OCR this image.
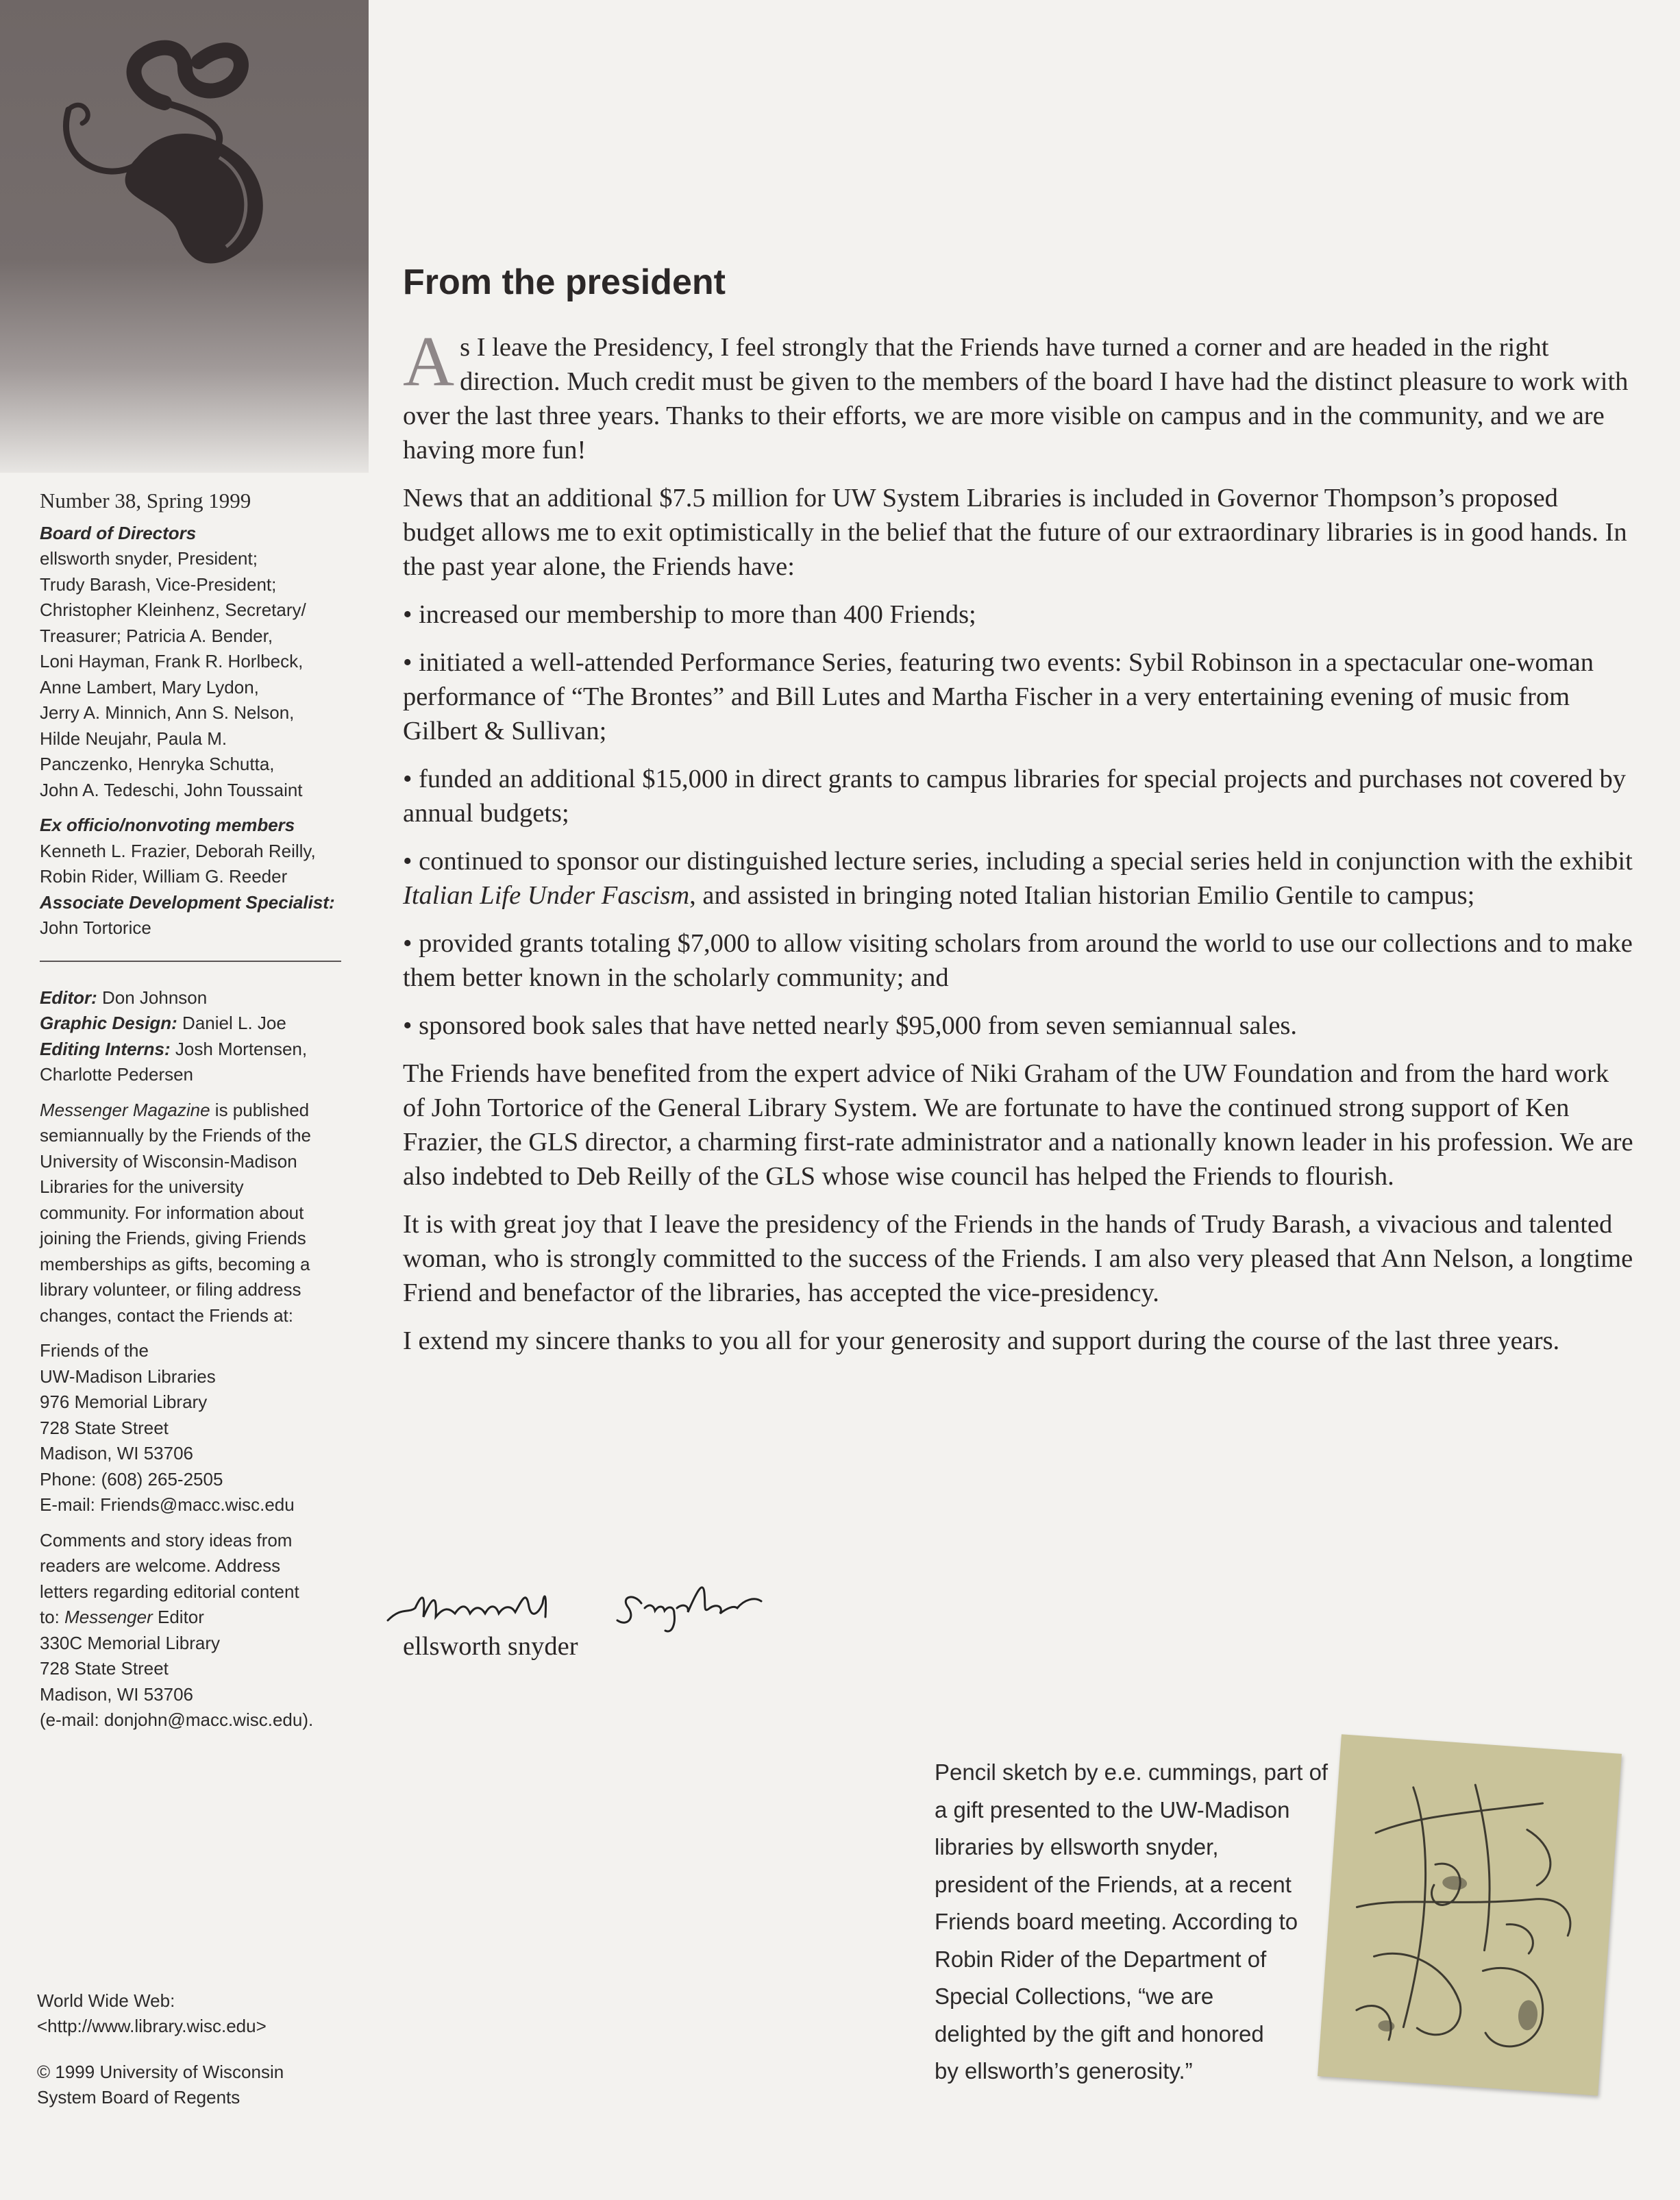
Number 38, Spring 1999
Board of Directors
ellsworth snyder, President;
Trudy Barash, Vice-President;
Christopher Kleinhenz, Secretary/
Treasurer; Patricia A. Bender,
Loni Hayman, Frank R. Horlbeck,
Anne Lambert, Mary Lydon,
Jerry A. Minnich, Ann S. Nelson,
Hilde Neujahr, Paula M.
Panczenko, Henryka Schutta,
John A. Tedeschi, John Toussaint
Ex officio/nonvoting members
Kenneth L. Frazier, Deborah Reilly,
Robin Rider, William G. Reeder
Associate Development Specialist:
John Tortorice
Editor: Don Johnson
Graphic Design: Daniel L. Joe
Editing Interns: Josh Mortensen,
Charlotte Pedersen
Messenger Magazine is published
semiannually by the Friends of the
University of Wisconsin-Madison
Libraries for the university
community. For information about
joining the Friends, giving Friends
memberships as gifts, becoming a
library volunteer, or filing address
changes, contact the Friends at:
Friends of the
UW-Madison Libraries
976 Memorial Library
728 State Street
Madison, WI 53706
Phone: (608) 265-2505
E-mail: Friends@macc.wisc.edu
Comments and story ideas from
readers are welcome. Address
letters regarding editorial content
to: Messenger Editor
330C Memorial Library
728 State Street
Madison, WI 53706
(e-mail: donjohn@macc.wisc.edu).
World Wide Web:
<http://www.library.wisc.edu>
© 1999 University of Wisconsin
System Board of Regents
From the president

As I leave the Presidency, I feel strongly that the Friends have turned a corner and are headed in the right direction. Much credit must be given to the members of the board I have had the distinct pleasure to work with over the last three years. Thanks to their efforts, we are more visible on campus and in the community, and we are having more fun!

News that an additional $7.5 million for UW System Libraries is included in Governor Thompson’s proposed budget allows me to exit optimistically in the belief that the future of our extraordinary libraries is in good hands. In the past year alone, the Friends have:

• increased our membership to more than 400 Friends;

• initiated a well-attended Performance Series, featuring two events: Sybil Robinson in a spectacular one-woman performance of “The Brontes” and Bill Lutes and Martha Fischer in a very entertaining evening of music from Gilbert & Sullivan;

• funded an additional $15,000 in direct grants to campus libraries for special projects and purchases not covered by annual budgets;

• continued to sponsor our distinguished lecture series, including a special series held in conjunction with the exhibit Italian Life Under Fascism, and assisted in bringing noted Italian historian Emilio Gentile to campus;

• provided grants totaling $7,000 to allow visiting scholars from around the world to use our collections and to make them better known in the scholarly community; and

• sponsored book sales that have netted nearly $95,000 from seven semiannual sales.

The Friends have benefited from the expert advice of Niki Graham of the UW Foundation and from the hard work of John Tortorice of the General Library System. We are fortunate to have the continued strong support of Ken Frazier, the GLS director, a charming first-rate administrator and a nationally known leader in his profession. We are also indebted to Deb Reilly of the GLS whose wise council has helped the Friends to flourish.

It is with great joy that I leave the presidency of the Friends in the hands of Trudy Barash, a vivacious and talented woman, who is strongly committed to the success of the Friends. I am also very pleased that Ann Nelson, a longtime Friend and benefactor of the libraries, has accepted the vice-presidency.

I extend my sincere thanks to you all for your generosity and support during the course of the last three years.

ellsworth snyder
Pencil sketch by e.e. cummings, part of
a gift presented to the UW-Madison
libraries by ellsworth snyder,
president of the Friends, at a recent
Friends board meeting. According to
Robin Rider of the Department of
Special Collections, “we are
delighted by the gift and honored
by ellsworth’s generosity.”
